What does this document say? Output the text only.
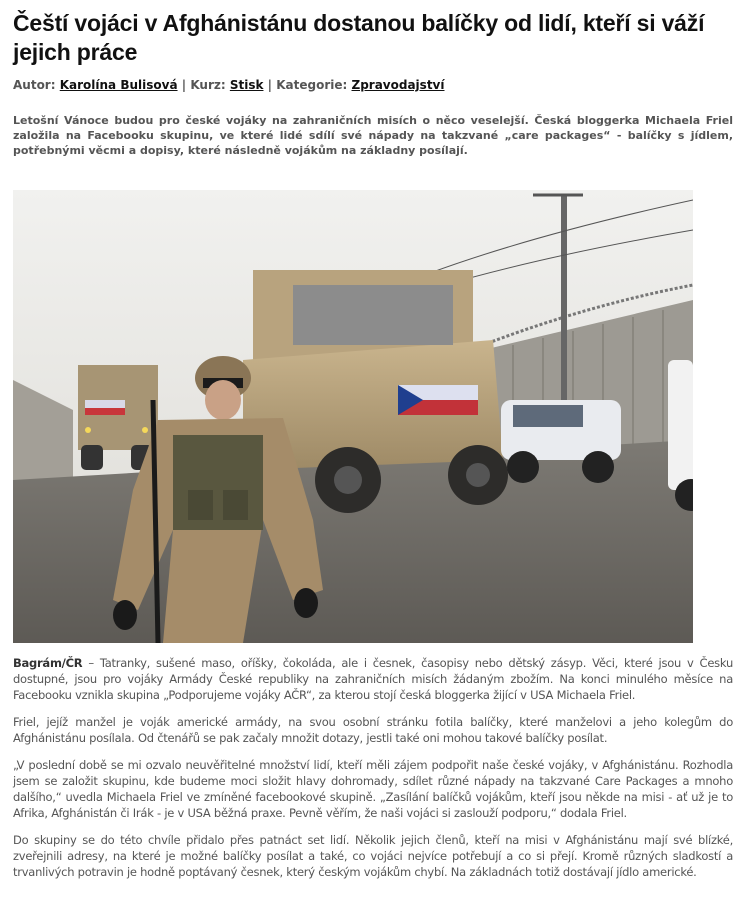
Čeští vojáci v Afghánistánu dostanou balíčky od lidí, kteří si váží jejich práce
Autor: Karolína Bulisová | Kurz: Stisk | Kategorie: Zpravodajství

Letošní Vánoce budou pro české vojáky na zahraničních misích o něco veselejší. Česká bloggerka Michaela Friel založila na Facebooku skupinu, ve které lidé sdílí své nápady na takzvané „care packages“ - balíčky s jídlem, potřebnými věcmi a dopisy, které následně vojákům na základny posílají.

Bagrám/ČR – Tatranky, sušené maso, oříšky, čokoláda, ale i česnek, časopisy nebo dětský zásyp. Věci, které jsou v Česku dostupné, jsou pro vojáky Armády České republiky na zahraničních misích žádaným zbožím. Na konci minulého měsíce na Facebooku vznikla skupina „Podporujeme vojáky AČR“, za kterou stojí česká bloggerka žijící v USA Michaela Friel.

Friel, jejíž manžel je voják americké armády, na svou osobní stránku fotila balíčky, které manželovi a jeho kolegům do Afghánistánu posílala. Od čtenářů se pak začaly množit dotazy, jestli také oni mohou takové balíčky posílat.

„V poslední době se mi ozvalo neuvěřitelné množství lidí, kteří měli zájem podpořit naše české vojáky, v Afghánistánu. Rozhodla jsem se založit skupinu, kde budeme moci složit hlavy dohromady, sdílet různé nápady na takzvané Care Packages a mnoho dalšího,“ uvedla Michaela Friel ve zmíněné facebookové skupině. „Zasílání balíčků vojákům, kteří jsou někde na misi - ať už je to Afrika, Afghánistán či Irák - je v USA běžná praxe. Pevně věřím, že naši vojáci si zaslouží podporu,“ dodala Friel.

Do skupiny se do této chvíle přidalo přes patnáct set lidí. Několik jejich členů, kteří na misi v Afghánistánu mají své blízké, zveřejnili adresy, na které je možné balíčky posílat a také, co vojáci nejvíce potřebují a co si přejí. Kromě různých sladkostí a trvanlivých potravin je hodně poptávaný česnek, který českým vojákům chybí. Na základnách totiž dostávají jídlo americké.
